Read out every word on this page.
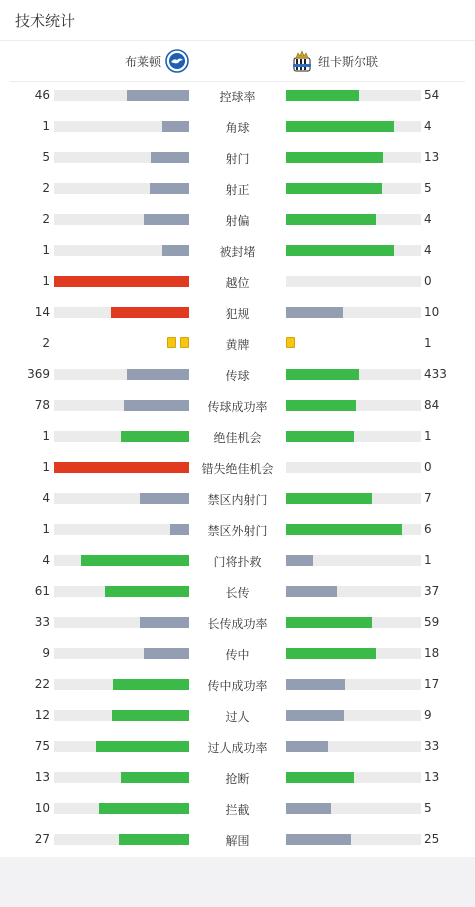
技术统计
布莱顿	纽卡斯尔联
46	控球率	54
1	角球	4
5	射门	13
2	射正	5
2	射偏	4
1	被封堵	4
1	越位	0
14	犯规	10
2	黄牌	1
369	传球	433
78	传球成功率	84
1	绝佳机会	1
1	错失绝佳机会	0
4	禁区内射门	7
1	禁区外射门	6
4	门将扑救	1
61	长传	37
33	长传成功率	59
9	传中	18
22	传中成功率	17
12	过人	9
75	过人成功率	33
13	抢断	13
10	拦截	5
27	解围	25
